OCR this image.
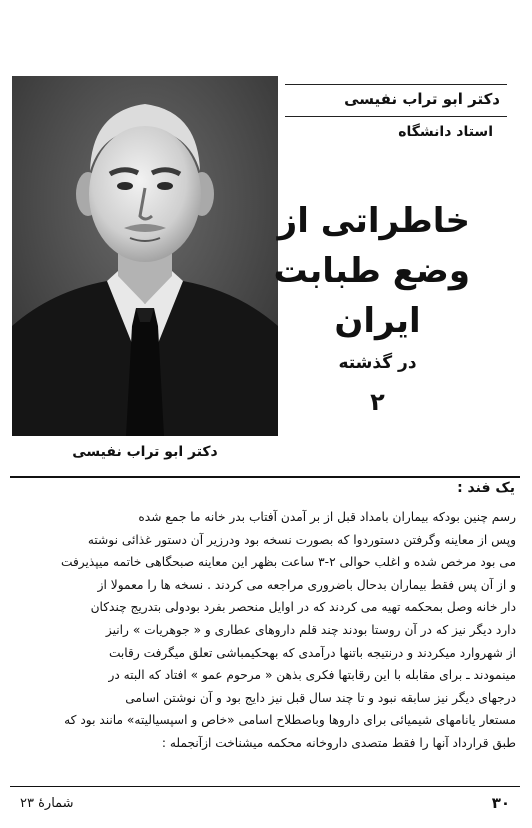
دکتر ابو تراب نفیسی
استاد دانشگاه
خاطراتی از
وضع طبابت
ایران
در گذشته
۲
دکتر ابو تراب نفیسی
یک فند :
رسم چنین بودکه بیماران بامداد قبل از بر آمدن آفتاب بدر خانه ما جمع شده
وپس از معاینه وگرفتن دستوردوا که بصورت نسخه بود ودرزیر آن دستور غذائی نوشته
می بود مرخص شده و اغلب حوالی ۲-۳ ساعت بظهر این معاینه صبحگاهی خاتمه میپذیرفت
و از آن پس فقط بیماران بدحال باضروری مراجعه می کردند . نسخه ها را معمولا از
دار خانه وصل بمحکمه تهیه می کردند که در اوایل منحصر بفرد بودولی بتدریج چندکان
دارد دیگر نیز که در آن روستا بودند چند قلم داروهای عطاری و « جوهریات » رانیز
از شهروارد میکردند و درنتیجه باتنها درآمدی که بهحکیمباشی تعلق میگرفت رقابت
مینمودند ـ برای مقابله با این رقابتها فکری بذهن « مرحوم عمو » افتاد که البته در
درجهای دیگر نیز سابقه نبود و تا چند سال قبل نیز دایج بود و آن نوشتن اسامی
مستعار یانامهای شیمیائی برای داروها وباصطلاح اسامی «خاص و اسپسیالیته» مانند بود که
طبق قرارداد آنها را فقط متصدی داروخانه محکمه میشناخت ازآنجمله :
شمارهٔ ۲۳	۳۰
